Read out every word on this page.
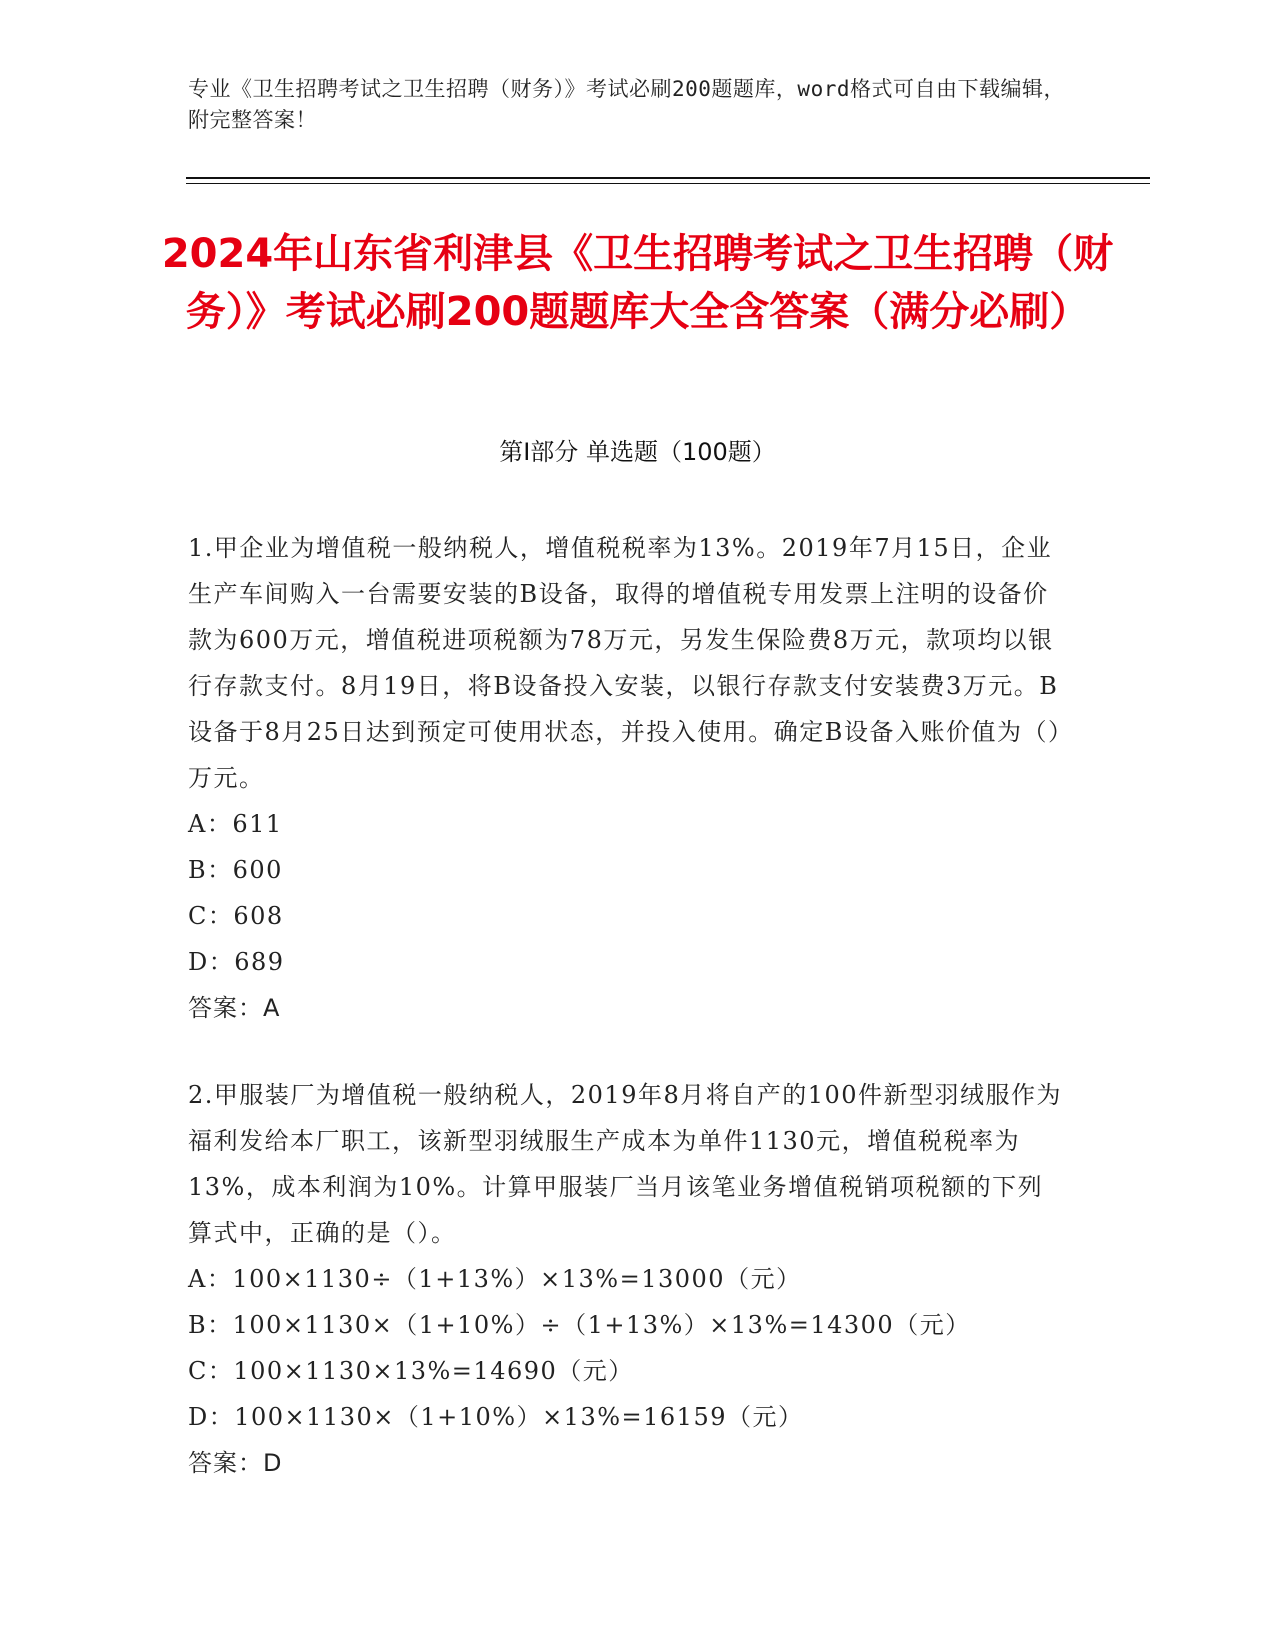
专业《卫生招聘考试之卫生招聘（财务）》考试必刷200题题库，word格式可自由下载编辑，附完整答案！
2024年山东省利津县《卫生招聘考试之卫生招聘（财务）》考试必刷200题题库大全含答案（满分必刷）
第Ⅰ部分 单选题（100题）

1.甲企业为增值税一般纳税人，增值税税率为13%。2019年7月15日，企业生产车间购入一台需要安装的B设备，取得的增值税专用发票上注明的设备价款为600万元，增值税进项税额为78万元，另发生保险费8万元，款项均以银行存款支付。8月19日，将B设备投入安装，以银行存款支付安装费3万元。B设备于8月25日达到预定可使用状态，并投入使用。确定B设备入账价值为（）万元。

A：611

B：600

C：608

D：689

答案：A

2.甲服装厂为增值税一般纳税人，2019年8月将自产的100件新型羽绒服作为福利发给本厂职工，该新型羽绒服生产成本为单件1130元，增值税税率为13%，成本利润为10%。计算甲服装厂当月该笔业务增值税销项税额的下列算式中，正确的是（）。

A：100×1130÷（1+13%）×13%=13000（元）

B：100×1130×（1+10%）÷（1+13%）×13%=14300（元）

C：100×1130×13%=14690（元）

D：100×1130×（1+10%）×13%=16159（元）

答案：D
